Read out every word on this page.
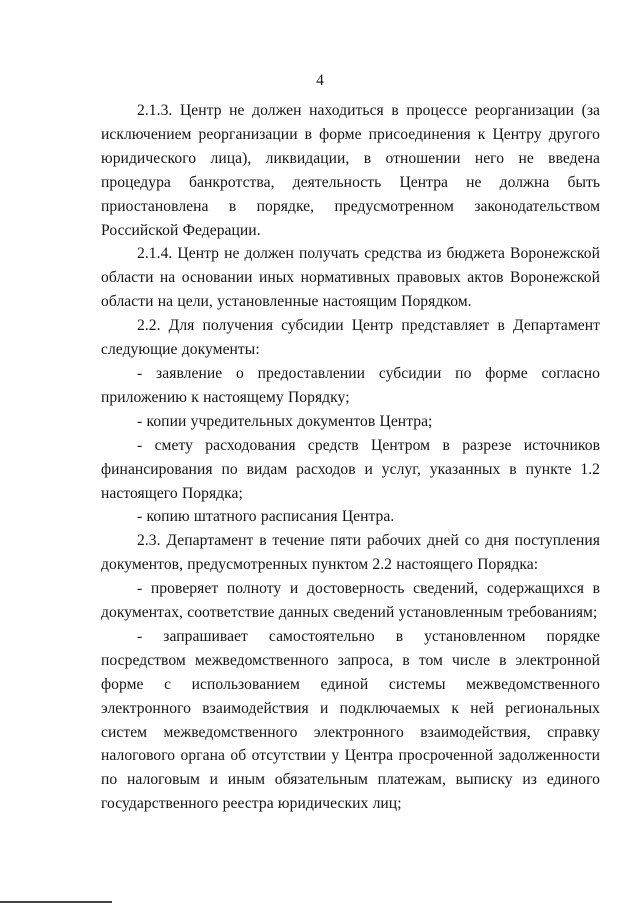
4

2.1.3. Центр не должен находиться в процессе реорганизации (за исключением реорганизации в форме присоединения к Центру другого юридического лица), ликвидации, в отношении него не введена процедура банкротства, деятельность Центра не должна быть приостановлена в порядке, предусмотренном законодательством Российской Федерации.

2.1.4. Центр не должен получать средства из бюджета Воронежской области на основании иных нормативных правовых актов Воронежской области на цели, установленные настоящим Порядком.

2.2. Для получения субсидии Центр представляет в Департамент следующие документы:

- заявление о предоставлении субсидии по форме согласно приложению к настоящему Порядку;

- копии учредительных документов Центра;

- смету расходования средств Центром в разрезе источников финансирования по видам расходов и услуг, указанных в пункте 1.2 настоящего Порядка;

- копию штатного расписания Центра.

2.3. Департамент в течение пяти рабочих дней со дня поступления документов, предусмотренных пунктом 2.2 настоящего Порядка:

- проверяет полноту и достоверность сведений, содержащихся в документах, соответствие данных сведений установленным требованиям;

- запрашивает самостоятельно в установленном порядке посредством межведомственного запроса, в том числе в электронной форме с использованием единой системы межведомственного электронного взаимодействия и подключаемых к ней региональных систем межведомственного электронного взаимодействия, справку налогового органа об отсутствии у Центра просроченной задолженности по налоговым и иным обязательным платежам, выписку из единого государственного реестра юридических лиц;
